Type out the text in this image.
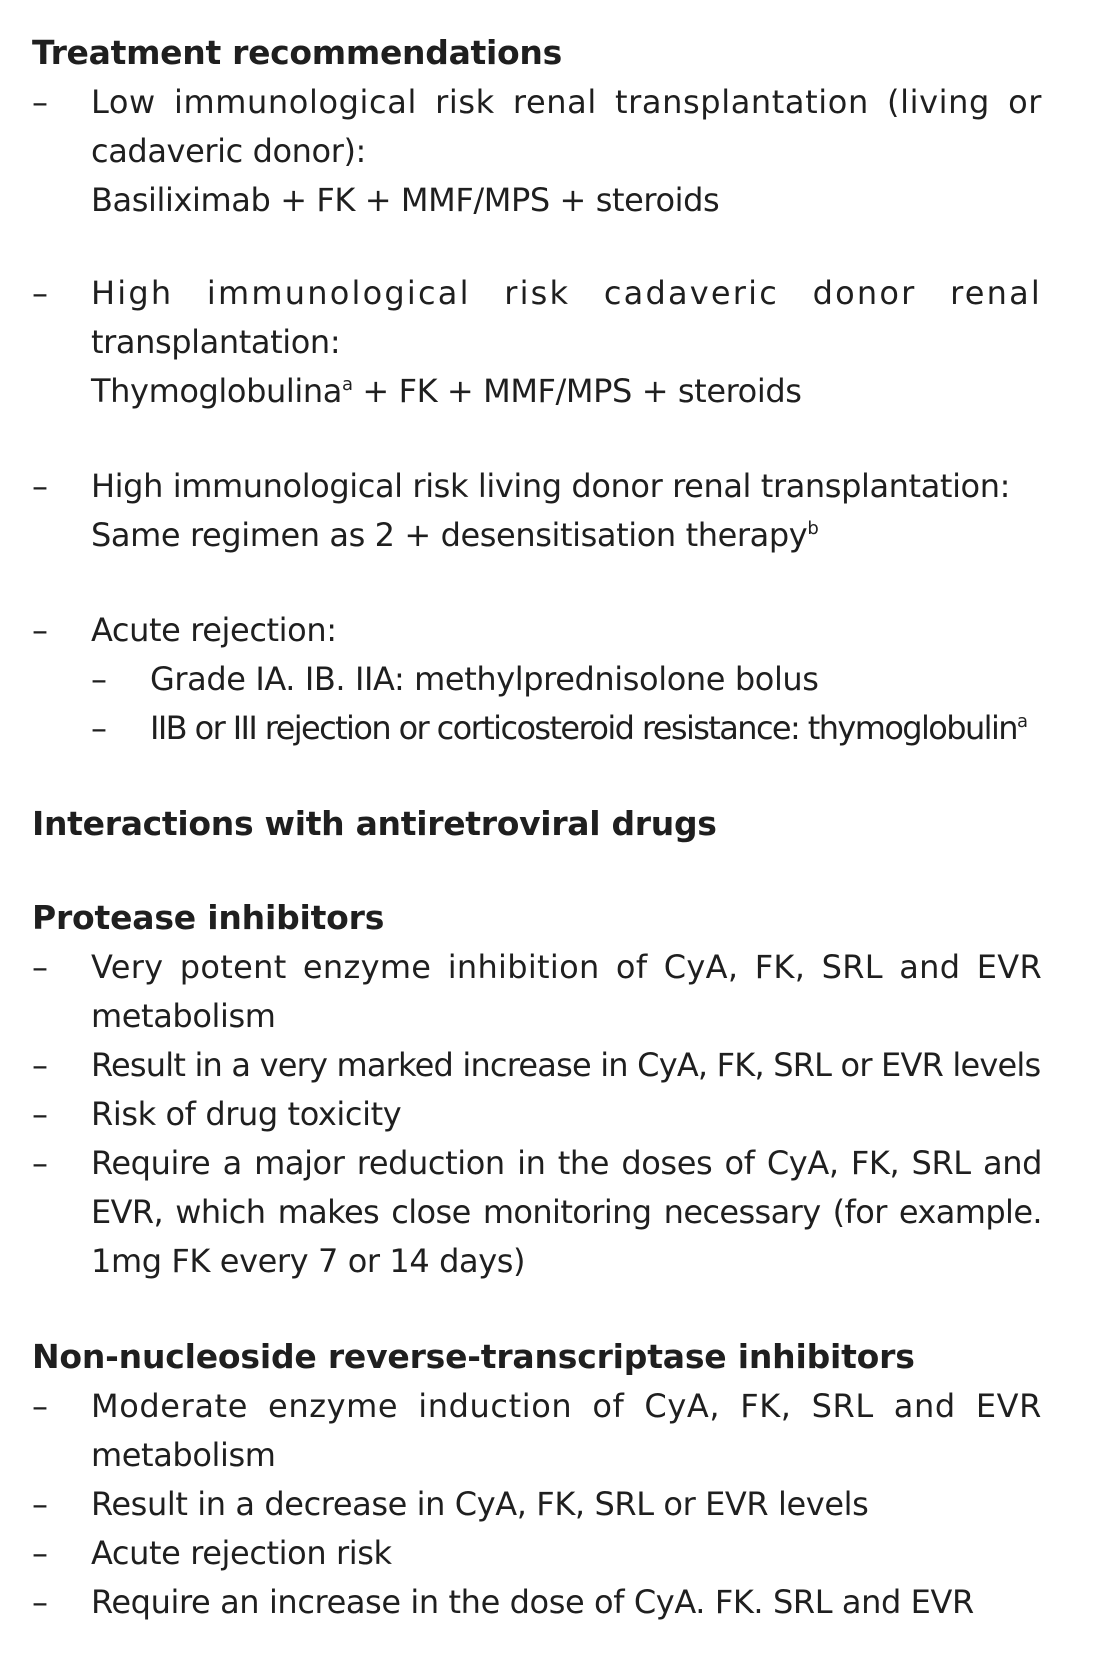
Treatment recommendations
–	Low immunological risk renal transplantation (living or
cadaveric donor):
Basiliximab + FK + MMF/MPS + steroids
–	High immunological risk cadaveric donor renal
transplantation:
Thymoglobulina$^a$ + FK + MMF/MPS + steroids
–	High immunological risk living donor renal transplantation:
Same regimen as 2 + desensitisation therapy$^b$
–	Acute rejection:
–	Grade IA. IB. IIA: methylprednisolone bolus
–	IIB or III rejection or corticosteroid resistance: thymoglobulin$^a$
Interactions with antiretroviral drugs
Protease inhibitors
–	Very potent enzyme inhibition of CyA, FK, SRL and EVR
metabolism
–	Result in a very marked increase in CyA, FK, SRL or EVR levels
–	Risk of drug toxicity
–	Require a major reduction in the doses of CyA, FK, SRL and
EVR, which makes close monitoring necessary (for example.
1mg FK every 7 or 14 days)
Non-nucleoside reverse-transcriptase inhibitors
–	Moderate enzyme induction of CyA, FK, SRL and EVR
metabolism
–	Result in a decrease in CyA, FK, SRL or EVR levels
–	Acute rejection risk
–	Require an increase in the dose of CyA. FK. SRL and EVR
